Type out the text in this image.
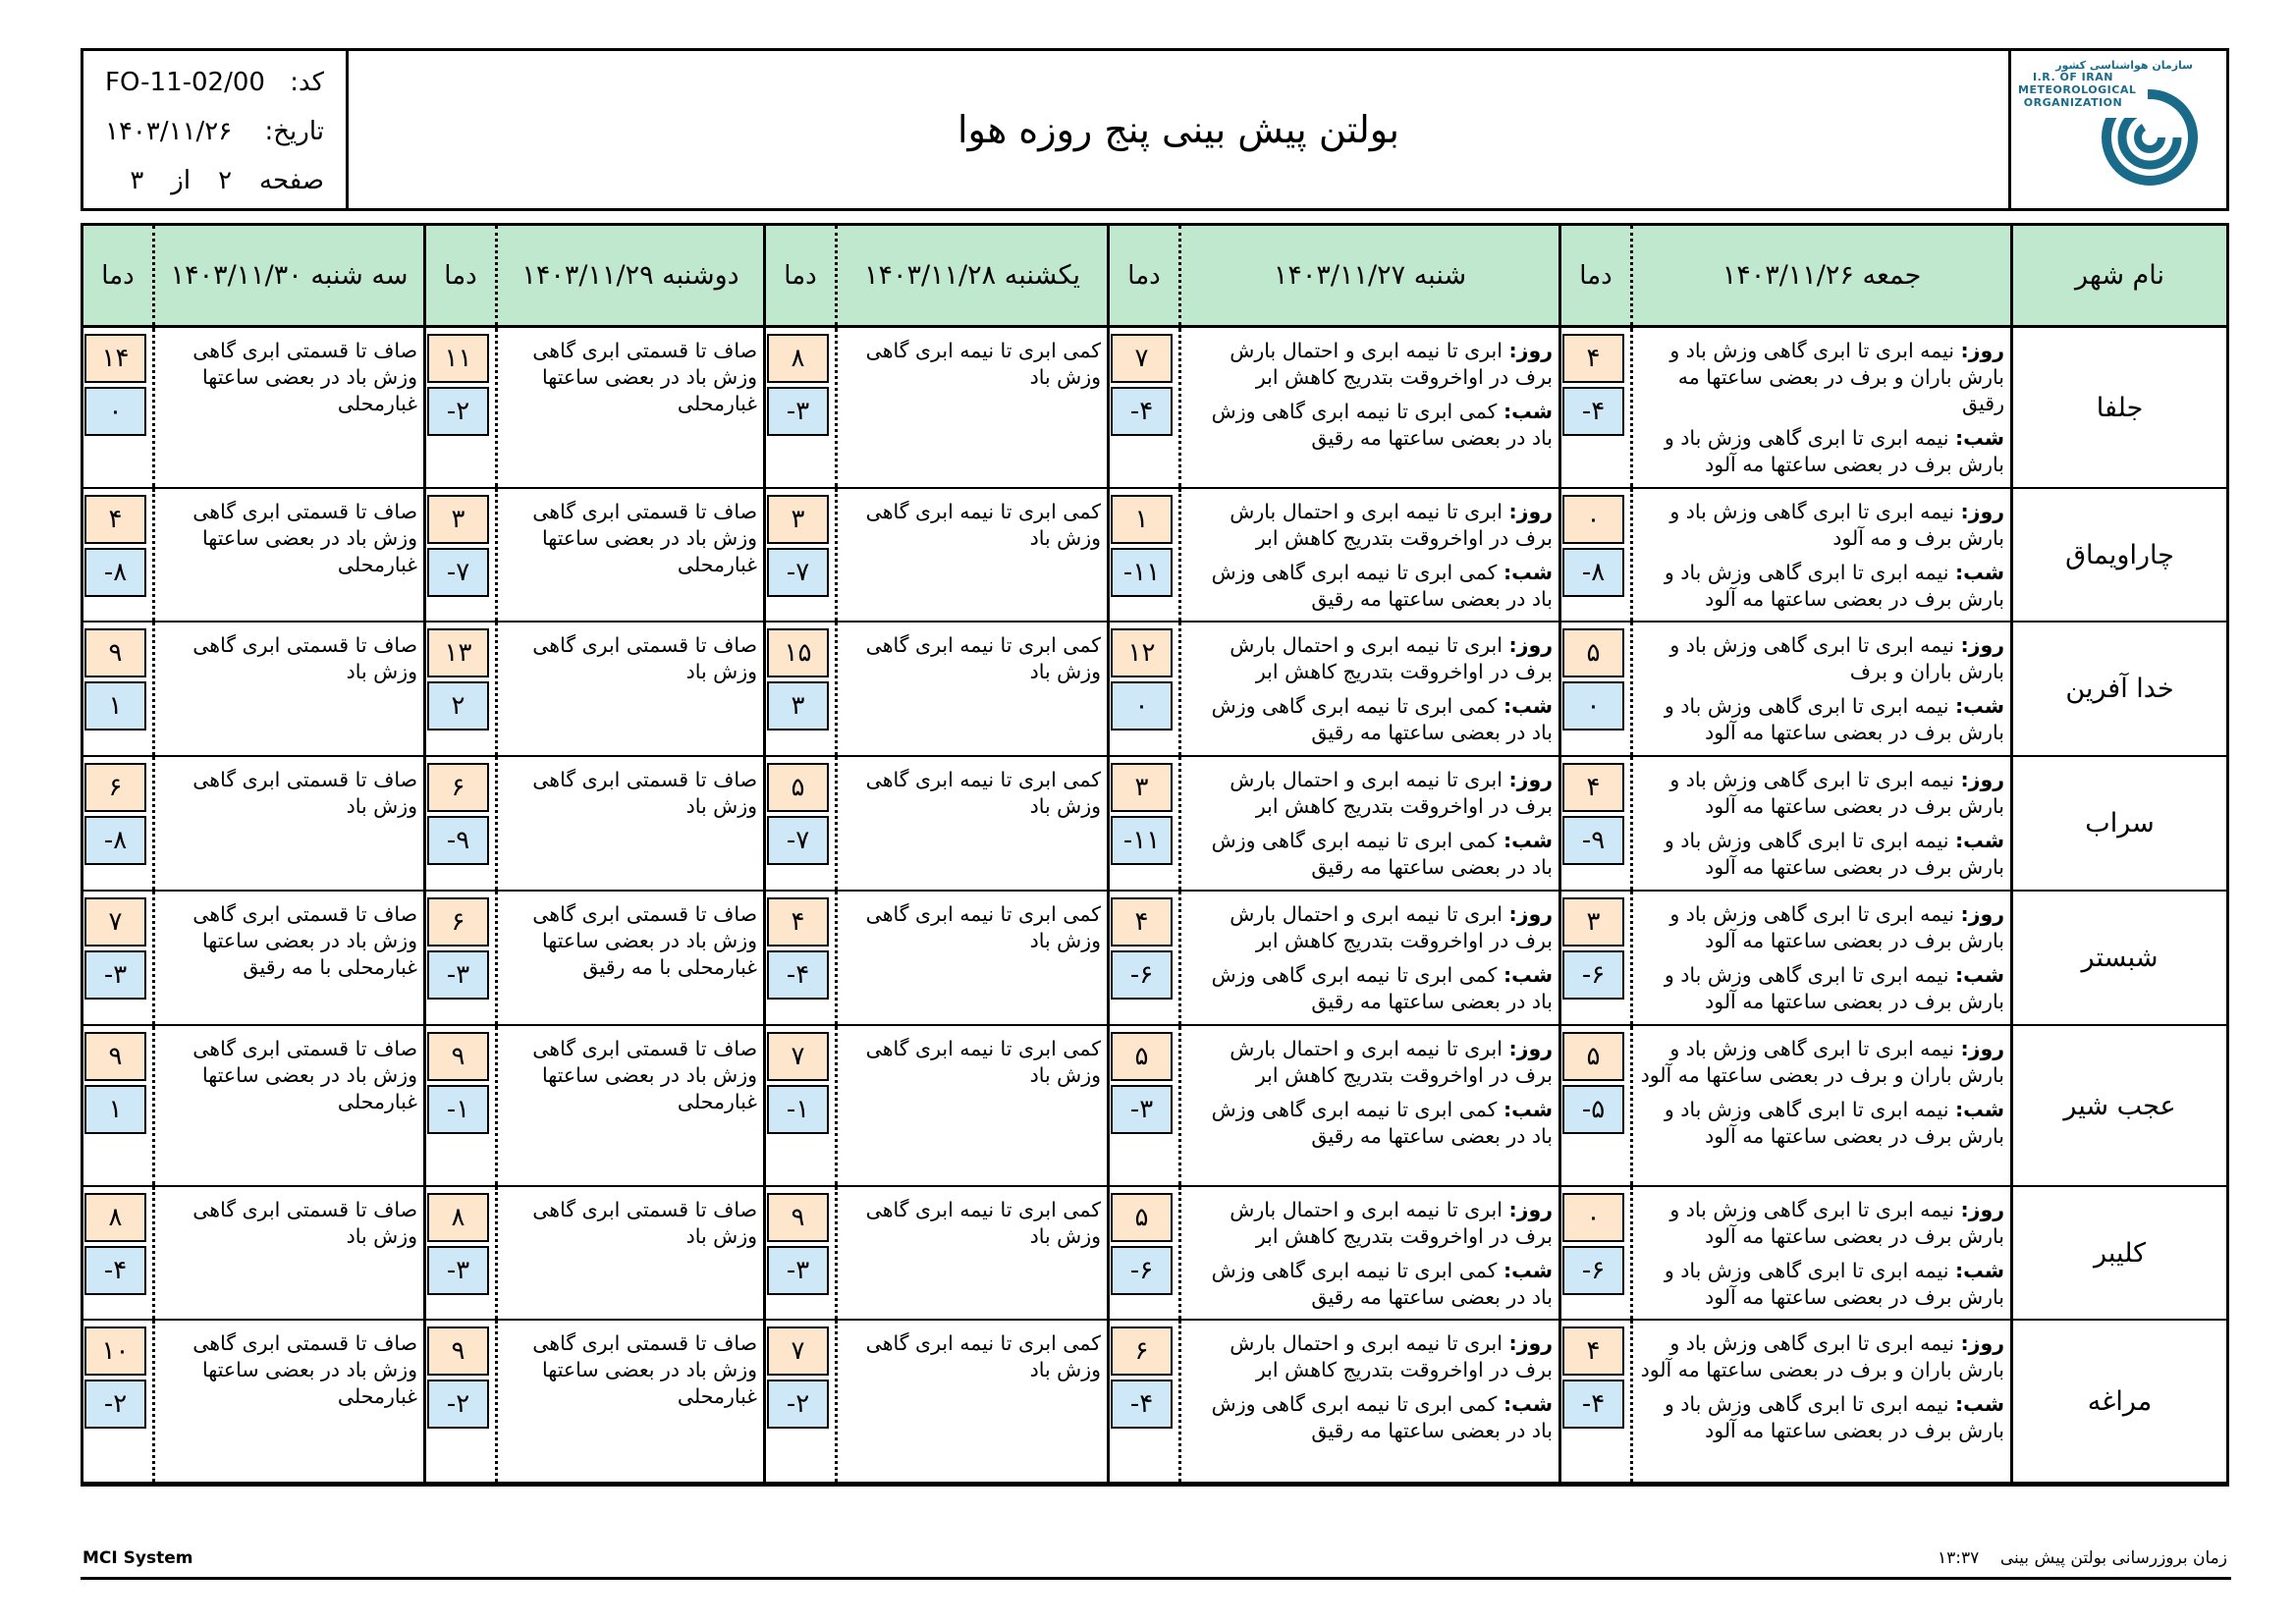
سازمان هواشناسی کشور
I.R. OF IRAN METEOROLOGICAL ORGANIZATION
بولتن پیش بینی پنج روزه هوا
FO-11-02/00 کد:
۱۴۰۳/۱۱/۲۶ تاریخ:
صفحه
۲
از
۳
نام شهر
جمعه ۱۴۰۳/۱۱/۲۶
دما
شنبه ۱۴۰۳/۱۱/۲۷
دما
یکشنبه ۱۴۰۳/۱۱/۲۸
دما
دوشنبه ۱۴۰۳/۱۱/۲۹
دما
سه شنبه ۱۴۰۳/۱۱/۳۰
دما
جلفا
روز: نیمه ابری تا ابری گاهی وزش باد و بارش باران و برف در بعضی ساعتها مه رقیق
شب: نیمه ابری تا ابری گاهی وزش باد و بارش برف در بعضی ساعتها مه آلود
۴
-۴
روز: ابری تا نیمه ابری و احتمال بارش برف در اواخروقت بتدریج کاهش ابر
شب: کمی ابری تا نیمه ابری گاهی وزش باد در بعضی ساعتها مه رقیق
۷
-۴
کمی ابری تا نیمه ابری گاهی وزش باد
۸
-۳
صاف تا قسمتی ابری گاهی وزش باد در بعضی ساعتها غبارمحلی
۱۱
-۲
صاف تا قسمتی ابری گاهی وزش باد در بعضی ساعتها غبارمحلی
۱۴
۰
چاراویماق
روز: نیمه ابری تا ابری گاهی وزش باد و بارش برف و مه آلود
شب: نیمه ابری تا ابری گاهی وزش باد و بارش برف در بعضی ساعتها مه آلود
۰
-۸
روز: ابری تا نیمه ابری و احتمال بارش برف در اواخروقت بتدریج کاهش ابر
شب: کمی ابری تا نیمه ابری گاهی وزش باد در بعضی ساعتها مه رقیق
۱
-۱۱
کمی ابری تا نیمه ابری گاهی وزش باد
۳
-۷
صاف تا قسمتی ابری گاهی وزش باد در بعضی ساعتها غبارمحلی
۳
-۷
صاف تا قسمتی ابری گاهی وزش باد در بعضی ساعتها غبارمحلی
۴
-۸
خدا آفرین
روز: نیمه ابری تا ابری گاهی وزش باد و بارش باران و برف
شب: نیمه ابری تا ابری گاهی وزش باد و بارش برف در بعضی ساعتها مه آلود
۵
۰
روز: ابری تا نیمه ابری و احتمال بارش برف در اواخروقت بتدریج کاهش ابر
شب: کمی ابری تا نیمه ابری گاهی وزش باد در بعضی ساعتها مه رقیق
۱۲
۰
کمی ابری تا نیمه ابری گاهی وزش باد
۱۵
۳
صاف تا قسمتی ابری گاهی وزش باد
۱۳
۲
صاف تا قسمتی ابری گاهی وزش باد
۹
۱
سراب
روز: نیمه ابری تا ابری گاهی وزش باد و بارش برف در بعضی ساعتها مه آلود
شب: نیمه ابری تا ابری گاهی وزش باد و بارش برف در بعضی ساعتها مه آلود
۴
-۹
روز: ابری تا نیمه ابری و احتمال بارش برف در اواخروقت بتدریج کاهش ابر
شب: کمی ابری تا نیمه ابری گاهی وزش باد در بعضی ساعتها مه رقیق
۳
-۱۱
کمی ابری تا نیمه ابری گاهی وزش باد
۵
-۷
صاف تا قسمتی ابری گاهی وزش باد
۶
-۹
صاف تا قسمتی ابری گاهی وزش باد
۶
-۸
شبستر
روز: نیمه ابری تا ابری گاهی وزش باد و بارش برف در بعضی ساعتها مه آلود
شب: نیمه ابری تا ابری گاهی وزش باد و بارش برف در بعضی ساعتها مه آلود
۳
-۶
روز: ابری تا نیمه ابری و احتمال بارش برف در اواخروقت بتدریج کاهش ابر
شب: کمی ابری تا نیمه ابری گاهی وزش باد در بعضی ساعتها مه رقیق
۴
-۶
کمی ابری تا نیمه ابری گاهی وزش باد
۴
-۴
صاف تا قسمتی ابری گاهی وزش باد در بعضی ساعتها غبارمحلی با مه رقیق
۶
-۳
صاف تا قسمتی ابری گاهی وزش باد در بعضی ساعتها غبارمحلی با مه رقیق
۷
-۳
عجب شیر
روز: نیمه ابری تا ابری گاهی وزش باد و بارش باران و برف در بعضی ساعتها مه آلود
شب: نیمه ابری تا ابری گاهی وزش باد و بارش برف در بعضی ساعتها مه آلود
۵
-۵
روز: ابری تا نیمه ابری و احتمال بارش برف در اواخروقت بتدریج کاهش ابر
شب: کمی ابری تا نیمه ابری گاهی وزش باد در بعضی ساعتها مه رقیق
۵
-۳
کمی ابری تا نیمه ابری گاهی وزش باد
۷
-۱
صاف تا قسمتی ابری گاهی وزش باد در بعضی ساعتها غبارمحلی
۹
-۱
صاف تا قسمتی ابری گاهی وزش باد در بعضی ساعتها غبارمحلی
۹
۱
کلیبر
روز: نیمه ابری تا ابری گاهی وزش باد و بارش برف در بعضی ساعتها مه آلود
شب: نیمه ابری تا ابری گاهی وزش باد و بارش برف در بعضی ساعتها مه آلود
۰
-۶
روز: ابری تا نیمه ابری و احتمال بارش برف در اواخروقت بتدریج کاهش ابر
شب: کمی ابری تا نیمه ابری گاهی وزش باد در بعضی ساعتها مه رقیق
۵
-۶
کمی ابری تا نیمه ابری گاهی وزش باد
۹
-۳
صاف تا قسمتی ابری گاهی وزش باد
۸
-۳
صاف تا قسمتی ابری گاهی وزش باد
۸
-۴
مراغه
روز: نیمه ابری تا ابری گاهی وزش باد و بارش باران و برف در بعضی ساعتها مه آلود
شب: نیمه ابری تا ابری گاهی وزش باد و بارش برف در بعضی ساعتها مه آلود
۴
-۴
روز: ابری تا نیمه ابری و احتمال بارش برف در اواخروقت بتدریج کاهش ابر
شب: کمی ابری تا نیمه ابری گاهی وزش باد در بعضی ساعتها مه رقیق
۶
-۴
کمی ابری تا نیمه ابری گاهی وزش باد
۷
-۲
صاف تا قسمتی ابری گاهی وزش باد در بعضی ساعتها غبارمحلی
۹
-۲
صاف تا قسمتی ابری گاهی وزش باد در بعضی ساعتها غبارمحلی
۱۰
-۲
MCI System	زمان بروزرسانی بولتن پیش بینی    ۱۳:۳۷
